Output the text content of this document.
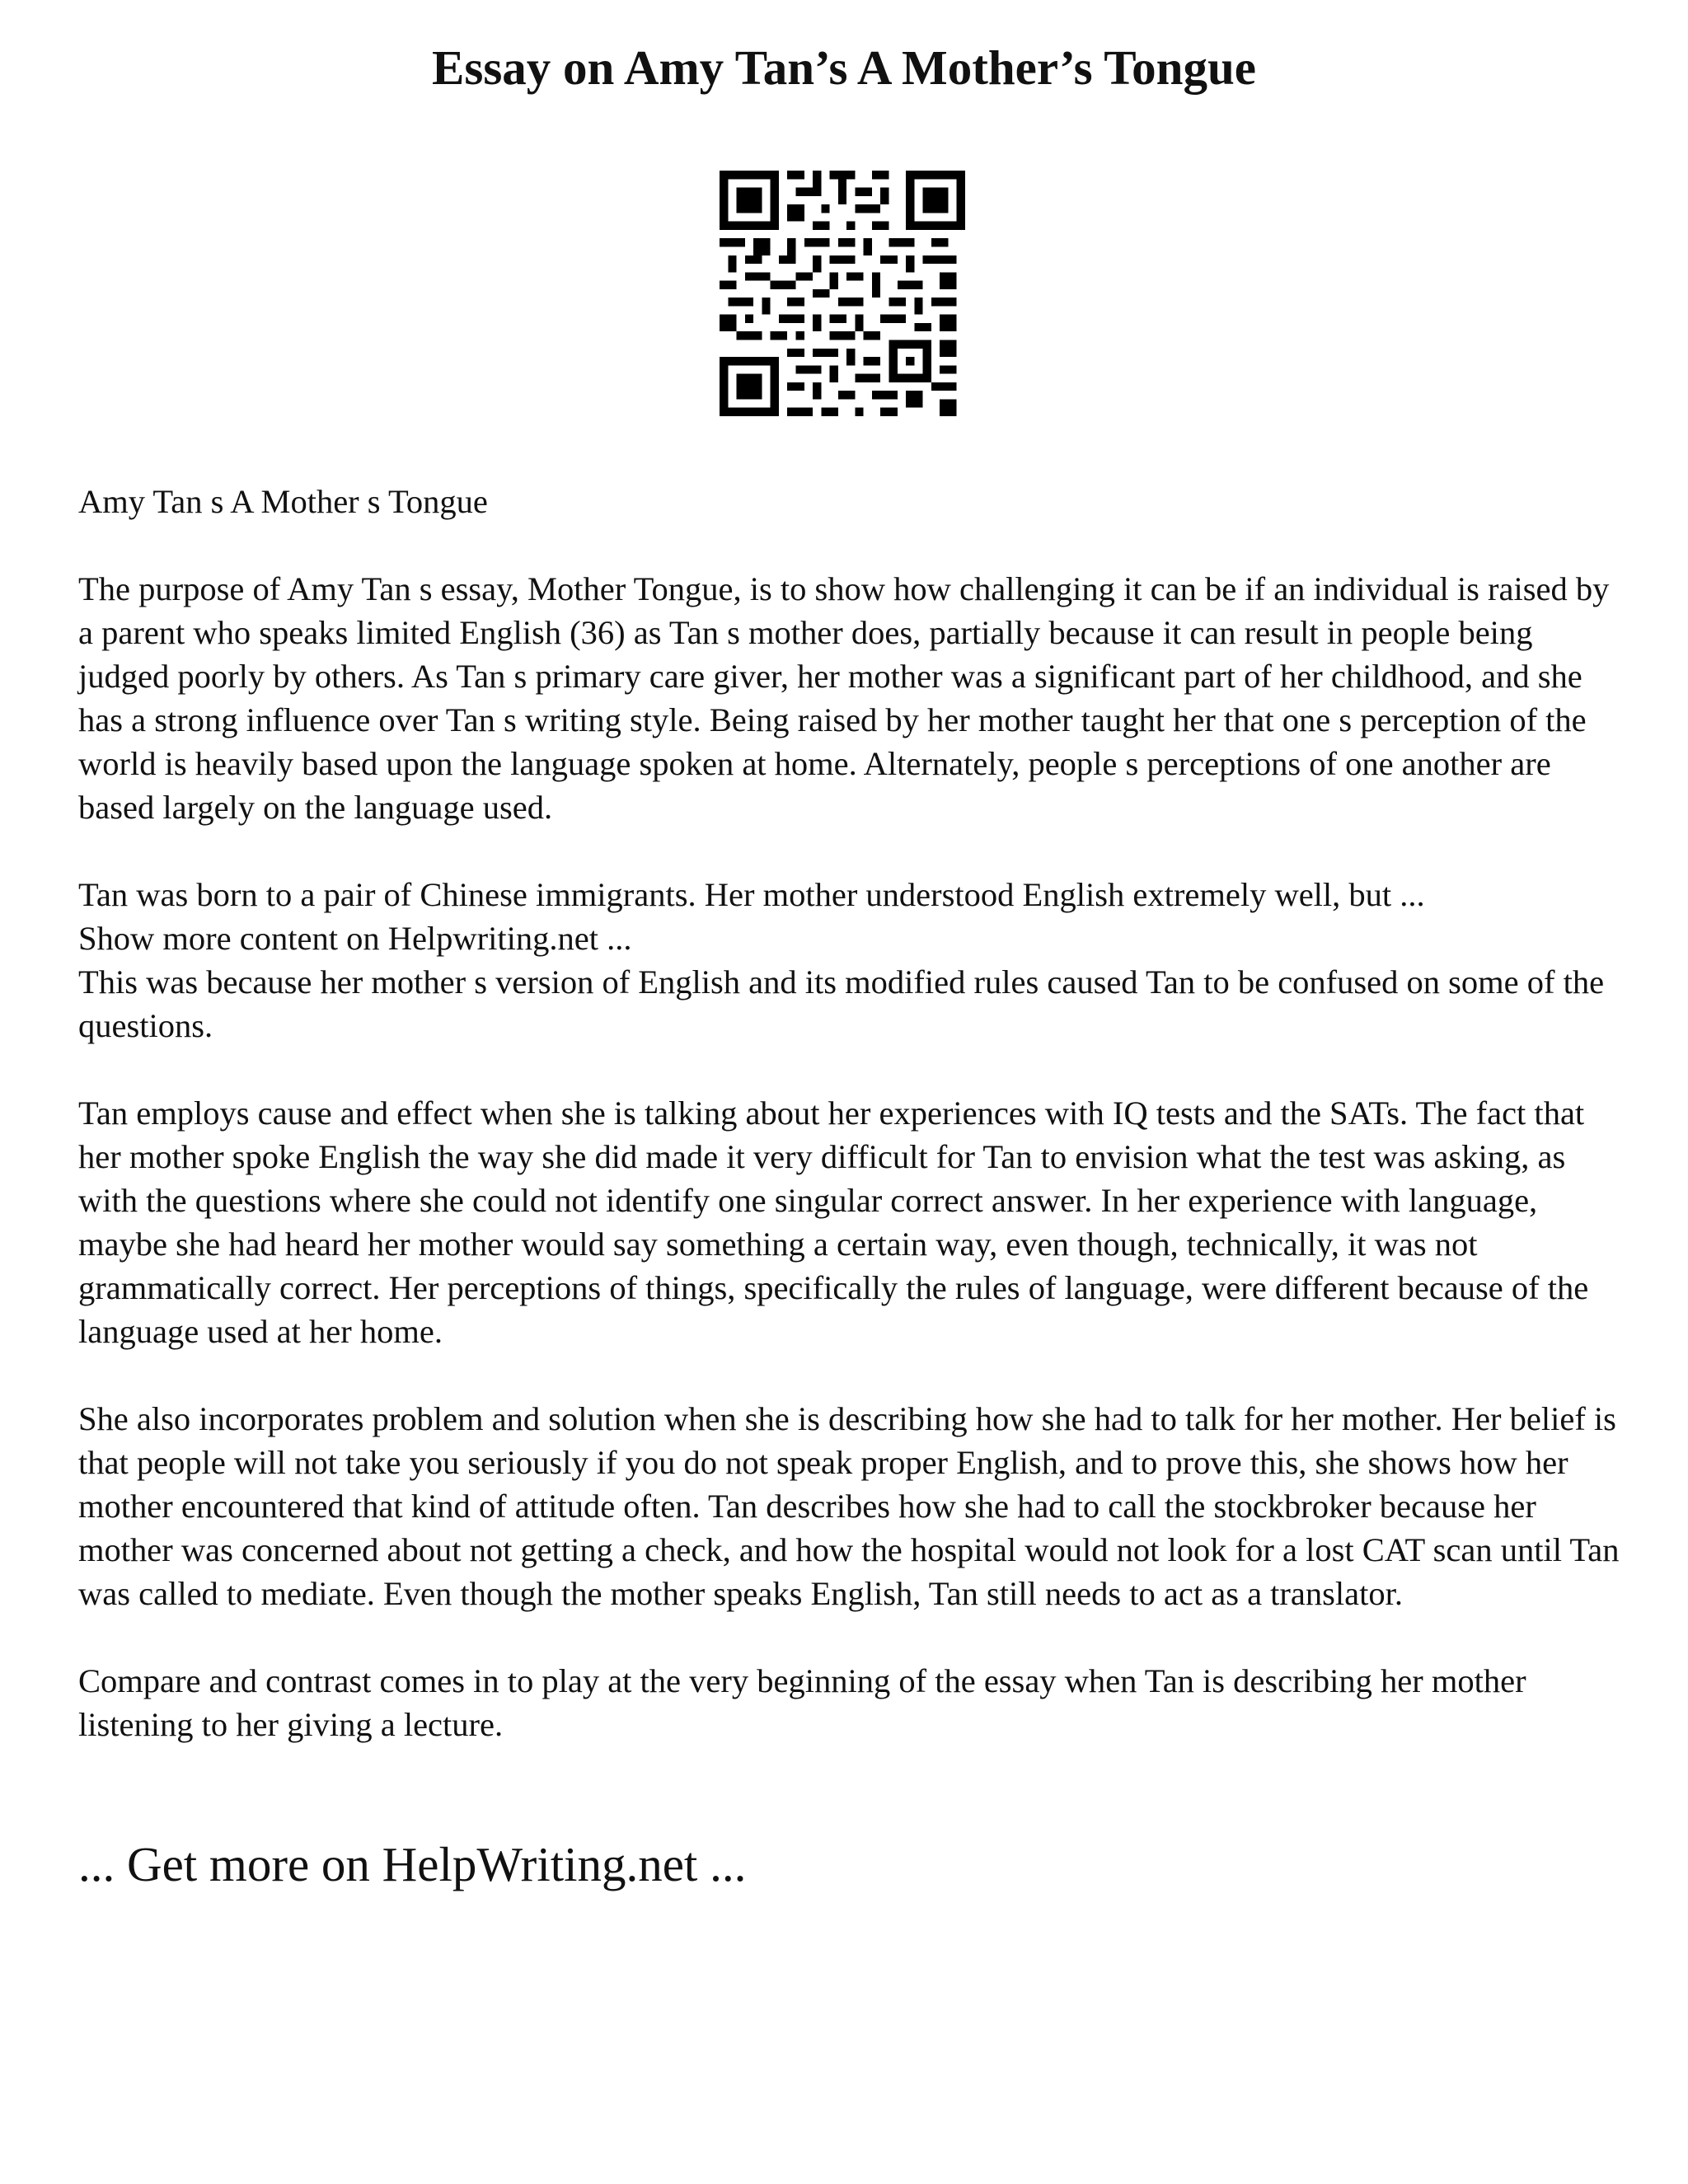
Essay on Amy Tan’s A Mother’s Tongue

Amy Tan s A Mother s Tongue

The purpose of Amy Tan s essay, Mother Tongue, is to show how challenging it can be if an individual is raised by a parent who speaks limited English (36) as Tan s mother does, partially because it can result in people being judged poorly by others. As Tan s primary care giver, her mother was a significant part of her childhood, and she has a strong influence over Tan s writing style. Being raised by her mother taught her that one s perception of the world is heavily based upon the language spoken at home. Alternately, people s perceptions of one another are based largely on the language used.

Tan was born to a pair of Chinese immigrants. Her mother understood English extremely well, but ...

Show more content on Helpwriting.net ...

This was because her mother s version of English and its modified rules caused Tan to be confused on some of the questions.

Tan employs cause and effect when she is talking about her experiences with IQ tests and the SATs. The fact that her mother spoke English the way she did made it very difficult for Tan to envision what the test was asking, as with the questions where she could not identify one singular correct answer. In her experience with language, maybe she had heard her mother would say something a certain way, even though, technically, it was not grammatically correct. Her perceptions of things, specifically the rules of language, were different because of the language used at her home.

She also incorporates problem and solution when she is describing how she had to talk for her mother. Her belief is that people will not take you seriously if you do not speak proper English, and to prove this, she shows how her mother encountered that kind of attitude often. Tan describes how she had to call the stockbroker because her mother was concerned about not getting a check, and how the hospital would not look for a lost CAT scan until Tan was called to mediate. Even though the mother speaks English, Tan still needs to act as a translator.

Compare and contrast comes in to play at the very beginning of the essay when Tan is describing her mother listening to her giving a lecture.

... Get more on HelpWriting.net ...
